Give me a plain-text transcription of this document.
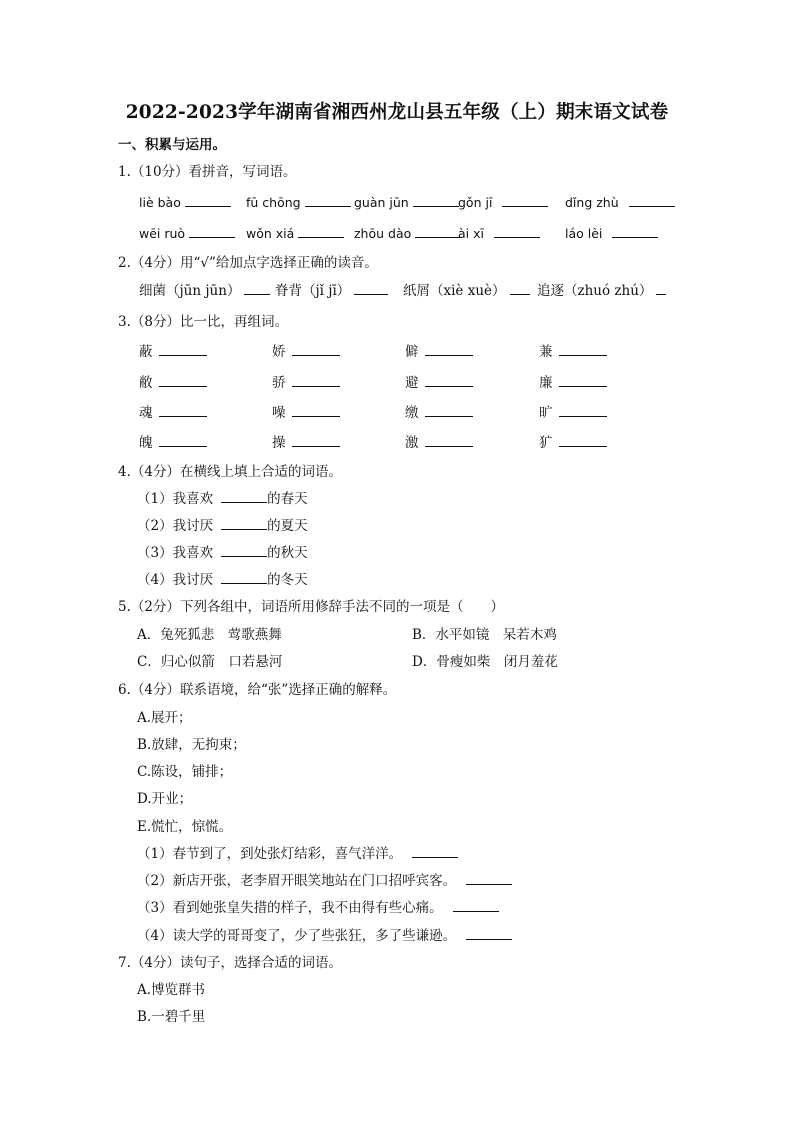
2022-2023学年湖南省湘西州龙山县五年级（上）期末语文试卷
一、积累与运用。
1.（10分）看拼音，写词语。
liè bào	fū chōng	guàn jūn	gǒn jī	dǐng zhù
wēi ruò	wǒn xiá	zhōu dào	ài xī	láo lèi
2.（4分）用“√”给加点字选择正确的读音。
细菌（jūn jūn）	脊背（jǐ jī）	纸屑（xiè xuè）	追逐（zhuó zhú）
3.（8分）比一比，再组词。
蔽	娇	僻	兼
敝	骄	避	廉
魂	噪	缴	旷
魄	操	激	犷
4.（4分）在横线上填上合适的词语。
（1）我喜欢	的春天
（2）我讨厌	的夏天
（3）我喜欢	的秋天
（4）我讨厌	的冬天
5.（2分）下列各组中，词语所用修辞手法不同的一项是（　　）
A．兔死狐悲　莺歌燕舞	B．水平如镜　呆若木鸡
C．归心似箭　口若悬河	D．骨瘦如柴　闭月羞花
6.（4分）联系语境，给“张”选择正确的解释。
A.展开；
B.放肆，无拘束；
C.陈设，铺排；
D.开业；
E.慌忙，惊慌。
（1）春节到了，到处张灯结彩，喜气洋洋。
（2）新店开张，老李眉开眼笑地站在门口招呼宾客。
（3）看到她张皇失措的样子，我不由得有些心痛。
（4）读大学的哥哥变了，少了些张狂，多了些谦逊。
7.（4分）读句子，选择合适的词语。
A.博览群书
B.一碧千里
